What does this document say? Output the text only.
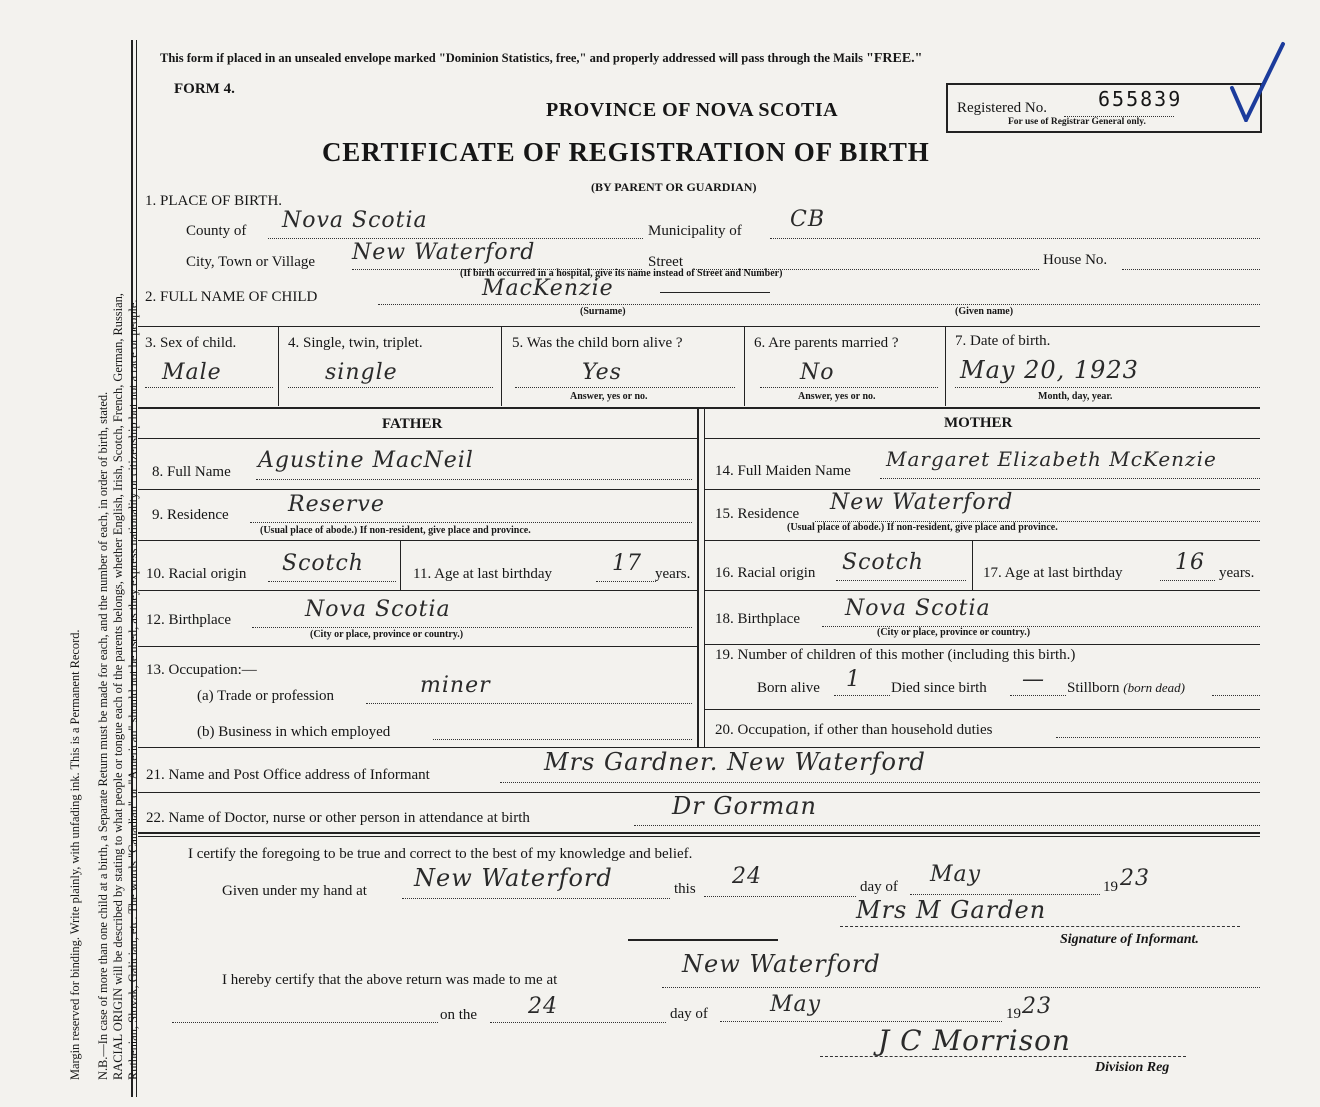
Margin reserved for binding. Write plainly, with unfading ink. This is a Permanent Record. N.B.—In case of more than one child at a birth, a Separate Return must be made for each, and the number of each, in order of birth, stated. RACIAL ORIGIN will be described by stating to what people or tongue each of the parents belongs, whether English, Irish, Scotch, French, German, Russian, Ruthenian, Slovak, Galician, etc. The words "Canadian" or "American" should not be used, as they express nationality or citizenship but not a race or people.
This form if placed in an unsealed envelope marked "Dominion Statistics, free," and properly addressed will pass through the Mails "FREE."
FORM 4.
PROVINCE OF NOVA SCOTIA
CERTIFICATE OF REGISTRATION OF BIRTH
(BY PARENT OR GUARDIAN)
Registered No.	655839
For use of Registrar General only.
1. PLACE OF BIRTH.
County of Nova Scotia	Municipality of CB
City, Town or Village New Waterford	Street	House No.
(If birth occurred in a hospital, give its name instead of Street and Number)
2. FULL NAME OF CHILD	MacKenzie
(Surname)	(Given name)
3. Sex of child.
Male
4. Single, twin, triplet.
single
5. Was the child born alive ?
Yes
Answer, yes or no.
6. Are parents married ?
No
Answer, yes or no.
7. Date of birth.
May 20, 1923
Month, day, year.
FATHER	MOTHER
8. Full Name Agustine MacNeil
9. Residence	Reserve
(Usual place of abode.) If non-resident, give place and province.
10. Racial origin Scotch	11. Age at last birthday	17 years.
12. Birthplace	Nova Scotia
(City or place, province or country.)
13. Occupation:—
(a) Trade or profession	miner
(b) Business in which employed
14. Full Maiden Name Margaret Elizabeth McKenzie
15. Residence New Waterford
(Usual place of abode.) If non-resident, give place and province.
16. Racial origin Scotch	17. Age at last birthday 16 years.
18. Birthplace Nova Scotia
(City or place, province or country.)
19. Number of children of this mother (including this birth.)
Born alive 1 Died since birth — Stillborn (born dead)
20. Occupation, if other than household duties
21. Name and Post Office address of Informant	Mrs Gardner. New Waterford
22. Name of Doctor, nurse or other person in attendance at birth	Dr Gorman
I certify the foregoing to be true and correct to the best of my knowledge and belief.
Given under my hand at New Waterford	this 24	day of May	19 23
Mrs M Garden
Signature of Informant.
I hereby certify that the above return was made to me at
New Waterford
on the 24	day of	May	19 23
J C Morrison
Division Reg
